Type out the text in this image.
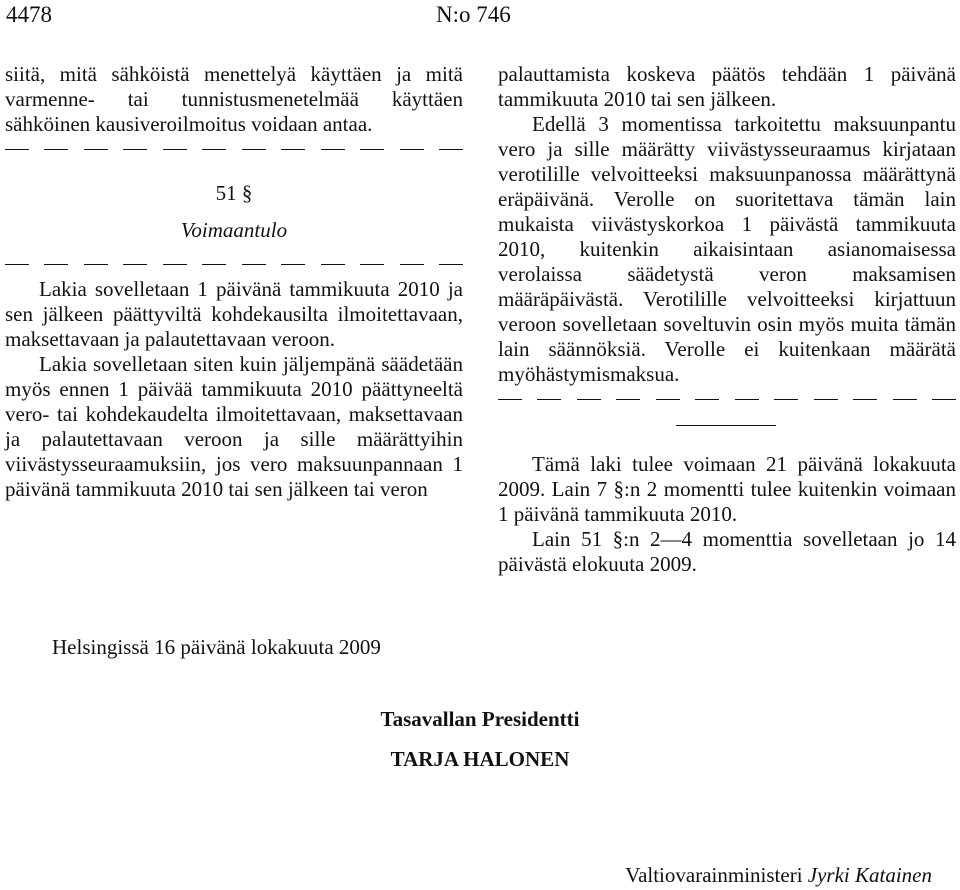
4478	N:o 746

siitä, mitä sähköistä menettelyä käyttäen ja mitä varmenne- tai tunnistusmenetelmää käyttäen sähköinen kausiveroilmoitus voidaan antaa.

51 §

Voimaantulo

Lakia sovelletaan 1 päivänä tammikuuta 2010 ja sen jälkeen päättyviltä kohdekausilta ilmoitettavaan, maksettavaan ja palautettavaan veroon.

Lakia sovelletaan siten kuin jäljempänä säädetään myös ennen 1 päivää tammikuuta 2010 päättyneeltä vero- tai kohdekaudelta ilmoitettavaan, maksettavaan ja palautettavaan veroon ja sille määrättyihin viivästysseuraamuksiin, jos vero maksuunpannaan 1 päivänä tammikuuta 2010 tai sen jälkeen tai veron

palauttamista koskeva päätös tehdään 1 päivänä tammikuuta 2010 tai sen jälkeen.

Edellä 3 momentissa tarkoitettu maksuunpantu vero ja sille määrätty viivästysseuraamus kirjataan verotilille velvoitteeksi maksuunpanossa määrättynä eräpäivänä. Verolle on suoritettava tämän lain mukaista viivästyskorkoa 1 päivästä tammikuuta 2010, kuitenkin aikaisintaan asianomaisessa verolaissa säädetystä veron maksamisen määräpäivästä. Verotilille velvoitteeksi kirjattuun veroon sovelletaan soveltuvin osin myös muita tämän lain säännöksiä. Verolle ei kuitenkaan määrätä myöhästymismaksua.

Tämä laki tulee voimaan 21 päivänä lokakuuta 2009. Lain 7 §:n 2 momentti tulee kuitenkin voimaan 1 päivänä tammikuuta 2010.

Lain 51 §:n 2—4 momenttia sovelletaan jo 14 päivästä elokuuta 2009.

Helsingissä 16 päivänä lokakuuta 2009
Tasavallan Presidentti
TARJA HALONEN
Valtiovarainministeri Jyrki Katainen
